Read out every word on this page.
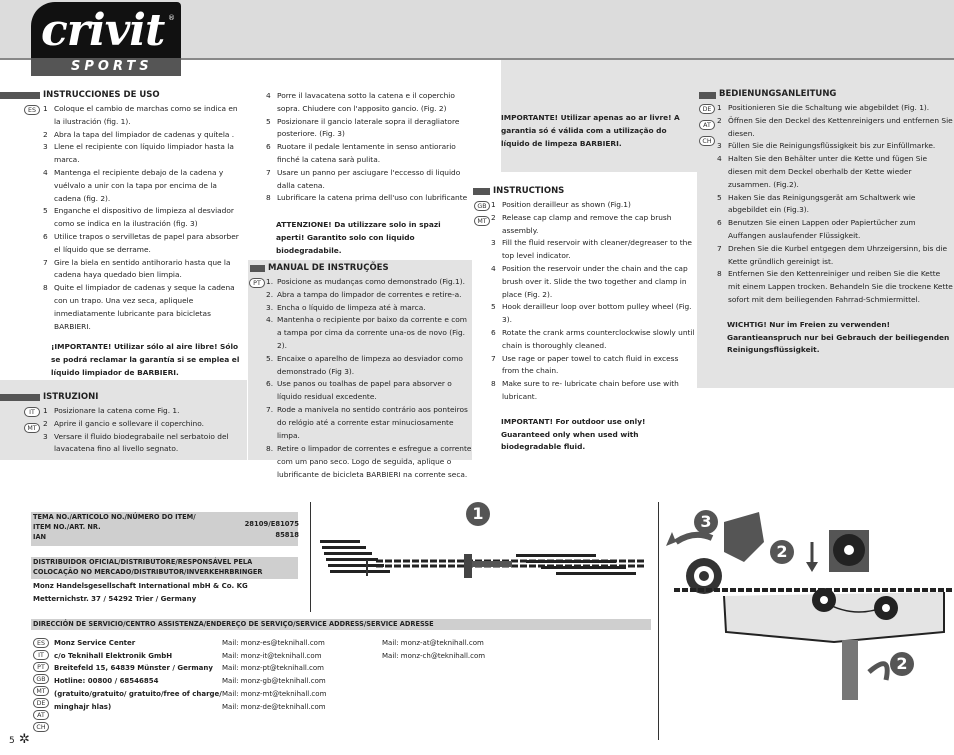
crivit ®
SPORTS
INSTRUCCIONES DE USO
ES 1 Coloque el cambio de marchas como se indica en la ilustración (fig. 1).
2 Abra la tapa del limpiador de cadenas y quítela .
3 Llene el recipiente con líquido limpiador hasta la marca.
4 Mantenga el recipiente debajo de la cadena y vuélvalo a unir con la tapa por encima de la cadena (fig. 2).
5 Enganche el dispositivo de limpieza al desviador como se indica en la ilustración (fig. 3)
6 Utilice trapos o servilletas de papel para absorber el líquido que se derrame.
7 Gire la biela en sentido antihorario hasta que la cadena haya quedado bien limpia.
8 Quite el limpiador de cadenas y seque la cadena con un trapo. Una vez seca, apliquele inmediatamente lubricante para bicicletas BARBIERI.
¡IMPORTANTE! Utilizar sólo al aire libre! Sólo se podrá reclamar la garantía si se emplea el líquido limpiador de BARBIERI.
ISTRUZIONI
IT
MT
1 Posizionare la catena come Fig. 1.
2 Aprire il gancio e sollevare il coperchino.
3 Versare il fluido biodegrabaile nel serbatoio del lavacatena fino al livello segnato.
4 Porre il lavacatena sotto la catena e il coperchio sopra. Chiudere con l'apposito gancio. (Fig. 2)
5 Posizionare il gancio laterale sopra il deragliatore posteriore. (Fig. 3)
6 Ruotare il pedale lentamente in senso antiorario finché la catena sarà pulita.
7 Usare un panno per asciugare l'eccesso di liquido dalla catena.
8 Lubrificare la catena prima dell'uso con lubrificante
ATTENZIONE! Da utilizzare solo in spazi aperti! Garantito solo con liquido biodegradabile.
MANUAL DE INSTRUÇÕES
PT 1. Posicione as mudanças como demonstrado (Fig.1).
2. Abra a tampa do limpador de correntes e retire-a.
3. Encha o líquido de limpeza até à marca.
4. Mantenha o recipiente por baixo da corrente e com a tampa por cima da corrente una-os de novo (Fig. 2).
5. Encaixe o aparelho de limpeza ao desviador como demonstrado (Fig 3).
6. Use panos ou toalhas de papel para absorver o líquido residual excedente.
7. Rode a manivela no sentido contrário aos ponteiros do relógio até a corrente estar minuciosamente limpa.
8. Retire o limpador de correntes e esfregue a corrente com um pano seco. Logo de seguida, aplique o lubrificante de bicicleta BARBIERI na corrente seca.
IMPORTANTE! Utilizar apenas ao ar livre! A garantia só é válida com a utilização do líquido de limpeza BARBIERI.
INSTRUCTIONS
GB
MT
1 Position derailleur as shown (Fig.1)
2 Release cap clamp and remove the cap brush assembly.
3 Fill the fluid reservoir with cleaner/degreaser to the top level indicator.
4 Position the reservoir under the chain and the cap brush over it. Slide the two together and clamp in place (Fig. 2).
5 Hook derailleur loop over bottom pulley wheel (Fig. 3).
6 Rotate the crank arms counterclockwise slowly until chain is thoroughly cleaned.
7 Use rage or paper towel to catch fluid in excess from the chain.
8 Make sure to re- lubricate chain before use with lubricant.
IMPORTANT! For outdoor use only! Guaranteed only when used with biodegradable fluid.
BEDIENUNGSANLEITUNG
DE
AT
CH
1 Positionieren Sie die Schaltung wie abgebildet (Fig. 1).
2 Öffnen Sie den Deckel des Kettenreinigers und entfernen Sie diesen.
3 Füllen Sie die Reinigungsflüssigkeit bis zur Einfüllmarke.
4 Halten Sie den Behälter unter die Kette und fügen Sie diesen mit dem Deckel oberhalb der Kette wieder zusammen. (Fig.2).
5 Haken Sie das Reinigungsgerät am Schaltwerk wie abgebildet ein (Fig.3).
6 Benutzen Sie einen Lappen oder Papiertücher zum Auffangen auslaufender Flüssigkeit.
7 Drehen Sie die Kurbel entgegen dem Uhrzeigersinn, bis die Kette gründlich gereinigt ist.
8 Entfernen Sie den Kettenreiniger und reiben Sie die Kette mit einem Lappen trocken. Behandeln Sie die trockene Kette sofort mit dem beiliegenden Fahrrad-Schmiermittel.
WICHTIG! Nur im Freien zu verwenden! Garantieanspruch nur bei Gebrauch der beiliegenden Reinigungsflüssigkeit.
TEMA NO./ARTICOLO NO./NÚMERO DO ITEM/
ITEM NO./ART. NR.
IAN
28109/E81075
85818
DISTRIBUIDOR OFICIAL/DISTRIBUTORE/RESPONSÁVEL PELA
COLOCAÇÃO NO MERCADO/DISTRIBUTOR/INVERKEHRBRINGER
Monz Handelsgesellschaft International mbH & Co. KG
Metternichstr. 37 / 54292 Trier / Germany
DIRECCIÓN DE SERVICIO/CENTRO ASSISTENZA/ENDEREÇO DE SERVIÇO/SERVICE ADDRESS/SERVICE ADRESSE
ES
IT
PT
GB
MT
DE
AT
CH
Monz Service Center
c/o Teknihall Elektronik GmbH
Breitefeld 15, 64839 Münster / Germany
Hotline: 00800 / 68546854
(gratuito/gratuito/ gratuito/free of charge/
minghajr hlas)
Mail: monz-es@teknihall.com
Mail: monz-it@teknihall.com
Mail: monz-pt@teknihall.com
Mail: monz-gb@teknihall.com
Mail: monz-mt@teknihall.com
Mail: monz-de@teknihall.com
Mail: monz-at@teknihall.com
Mail: monz-ch@teknihall.com
1	3
2
2
5 ✲
